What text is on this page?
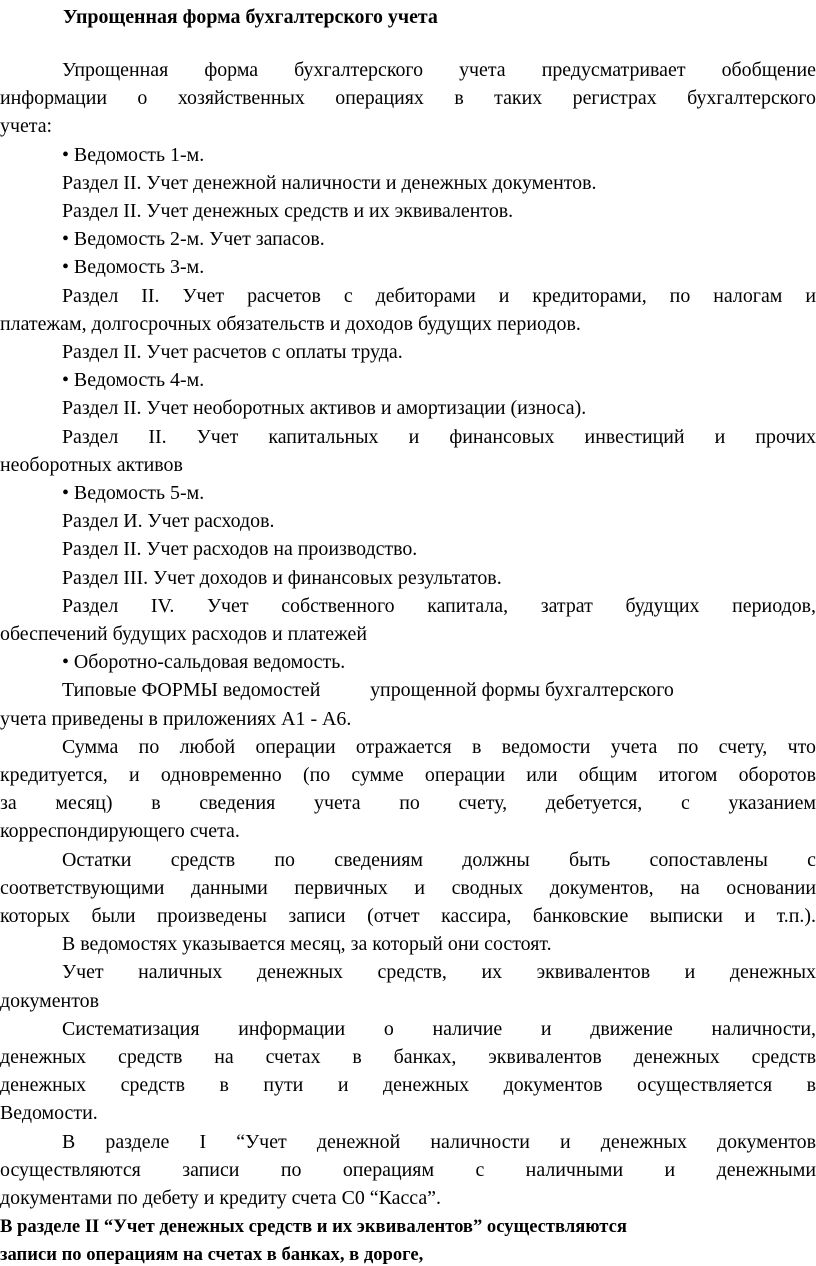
Упрощенная форма бухгалтерского учета
Упрощенная форма бухгалтерского учета предусматривает обобщение
информации о хозяйственных операциях в таких регистрах бухгалтерского
учета:
• Ведомость 1-м.
Раздел II. Учет денежной наличности и денежных документов.
Раздел II. Учет денежных средств и их эквивалентов.
• Ведомость 2-м. Учет запасов.
• Ведомость 3-м.
Раздел II. Учет расчетов с дебиторами и кредиторами, по налогам и
платежам, долгосрочных обязательств и доходов будущих периодов.
Раздел II. Учет расчетов с оплаты труда.
• Ведомость 4-м.
Раздел II. Учет необоротных активов и амортизации (износа).
Раздел II. Учет капитальных и финансовых инвестиций и прочих
необоротных активов
• Ведомость 5-м.
Раздел И. Учет расходов.
Раздел II. Учет расходов на производство.
Раздел III. Учет доходов и финансовых результатов.
Раздел IV. Учет собственного капитала, затрат будущих периодов,
обеспечений будущих расходов и платежей
• Оборотно-сальдовая ведомость.
Типовые ФОРМЫ ведомостей          упрощенной формы бухгалтерского
учета приведены в приложениях А1 - А6.
Сумма по любой операции отражается в ведомости учета по счету, что
кредитуется, и одновременно (по сумме операции или общим итогом оборотов
за месяц) в сведения учета по счету, дебетуется, с указанием
корреспондирующего счета.
Остатки средств по сведениям должны быть сопоставлены с
соответствующими данными первичных и сводных документов, на основании
которых были произведены записи (отчет кассира, банковские выписки и т.п.).
В ведомостях указывается месяц, за который они состоят.
Учет наличных денежных средств, их эквивалентов и денежных
документов
Систематизация информации о наличие и движение наличности,
денежных средств на счетах в банках, эквивалентов денежных средств
денежных средств в пути и денежных документов осуществляется в
Ведомости.
В разделе I “Учет денежной наличности и денежных документов
осуществляются записи по операциям с наличными и денежными
документами по дебету и кредиту счета С0 “Касса”.
В разделе II “Учет денежных средств и их эквивалентов” осуществляются
записи по операциям на счетах в банках, в дороге,
